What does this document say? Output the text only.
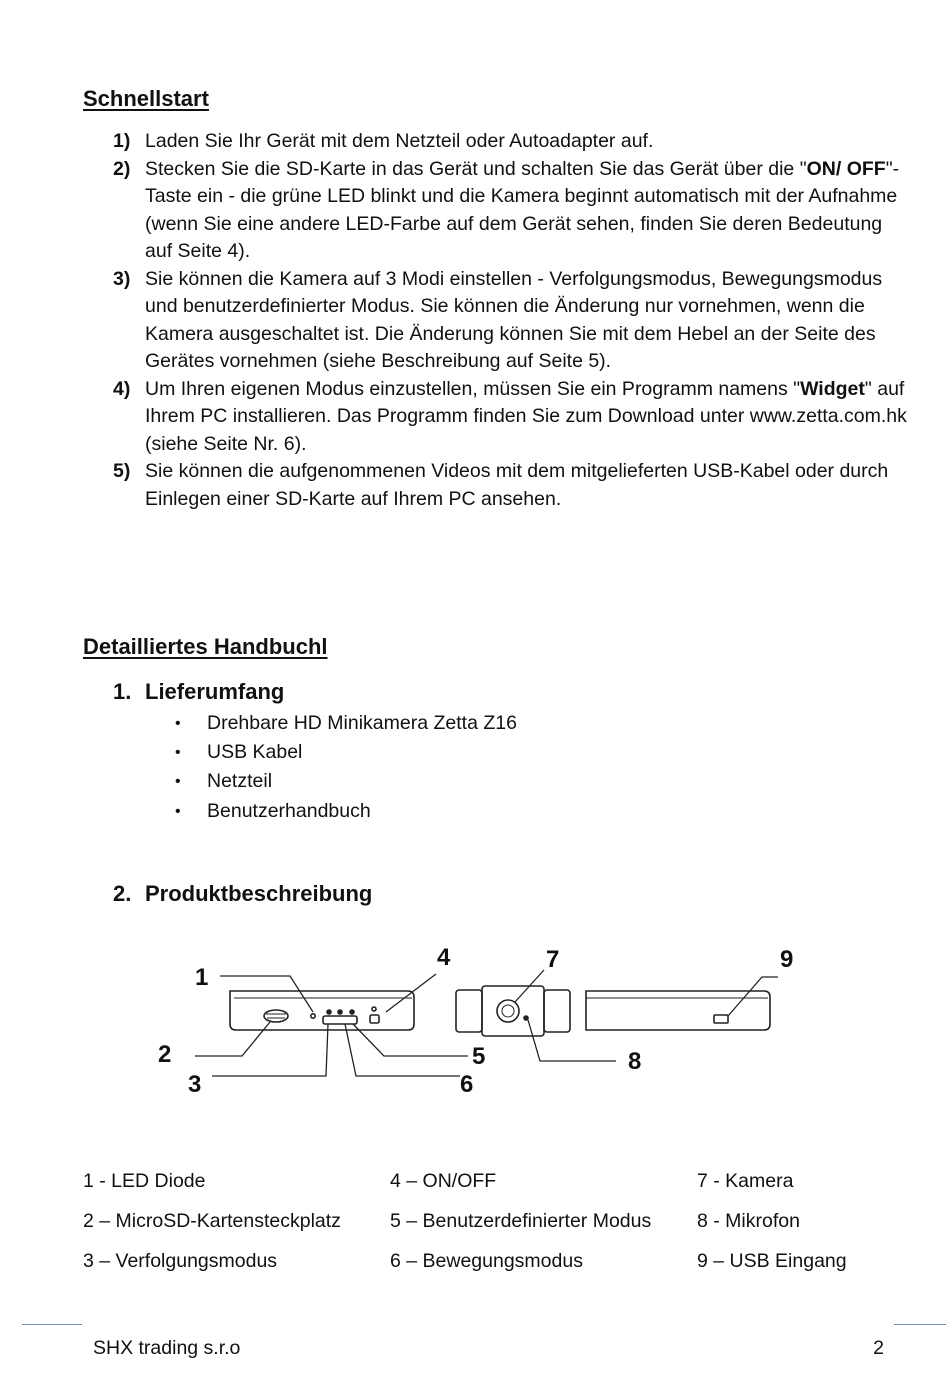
Schnellstart
1) Laden Sie Ihr Gerät mit dem Netzteil oder Autoadapter auf.
2) Stecken Sie die SD-Karte in das Gerät und schalten Sie das Gerät über die "ON/ OFF"-Taste ein - die grüne LED blinkt und die Kamera beginnt automatisch mit der Aufnahme (wenn Sie eine andere LED-Farbe auf dem Gerät sehen, finden Sie deren Bedeutung auf Seite 4).
3) Sie können die Kamera auf 3 Modi einstellen - Verfolgungsmodus, Bewegungsmodus und benutzerdefinierter Modus. Sie können die Änderung nur vornehmen, wenn die Kamera ausgeschaltet ist. Die Änderung können Sie mit dem Hebel an der Seite des Gerätes vornehmen (siehe Beschreibung auf Seite 5).
4) Um Ihren eigenen Modus einzustellen, müssen Sie ein Programm namens "Widget" auf Ihrem PC installieren. Das Programm finden Sie zum Download unter www.zetta.com.hk (siehe Seite Nr. 6).
5) Sie können die aufgenommenen Videos mit dem mitgelieferten USB-Kabel oder durch Einlegen einer SD-Karte auf Ihrem PC ansehen.
Detailliertes Handbuchl
1. Lieferumfang
•	Drehbare HD Minikamera Zetta Z16
•	USB Kabel
•	Netzteil
•	Benutzerhandbuch
2. Produktbeschreibung
1
2
3
4
5
6
7
8
9
1 - LED Diode	4 – ON/OFF	7 - Kamera
2 – MicroSD-Kartensteckplatz	5 – Benutzerdefinierter Modus	8 - Mikrofon
3 – Verfolgungsmodus	6 – Bewegungsmodus	9 – USB Eingang
SHX trading s.r.o	2
